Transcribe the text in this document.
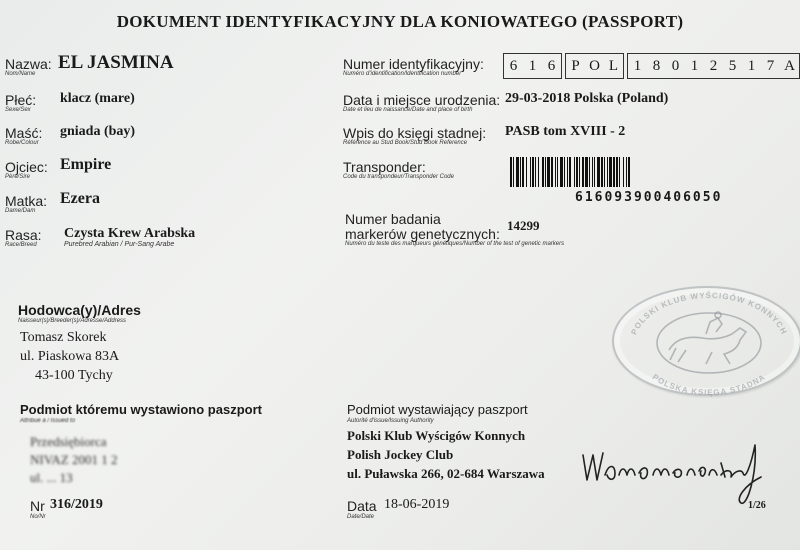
DOKUMENT IDENTYFIKACYJNY DLA KONIOWATEGO (PASSPORT)
Nazwa:
Nom/Name
EL JASMINA
Płeć:
Sexe/Sex
klacz (mare)
Maść:
Robe/Colour
gniada (bay)
Ojciec:
Père/Sire
Empire
Matka:
Dame/Dam
Ezera
Rasa:
Race/Breed
Czysta Krew Arabska
Purebred Arabian / Pur-Sang Arabe
Numer identyfikacyjny:
Numéro d'identification/Identification number
6 1 6	P O L	1 8 0 1 2 5 1 7 A
Data i miejsce urodzenia:
Date et lieu de naissance/Date and place of birth
29-03-2018 Polska (Poland)
Wpis do księgi stadnej:
Référence au Stud Book/Stud Book Reference
PASB tom XVIII - 2
Transponder:
Code du transpondeur/Transponder Code
616093900406050
Numer badania
markerów genetycznych:
Numéro du teste des marqueurs génétiques/Number of the test of genetic markers
14299
Hodowca(y)/Adres
Naisseur(s)/Breeder(s)/Adresse/Address
Tomasz Skorek
ul. Piaskowa 83A
43-100 Tychy
POLSKI KLUB WYŚCIGÓW KONNYCH
POLSKA KSIĘGA STADNA
Podmiot któremu wystawiono paszport
Attribué à / Issued to
Przedsiębiorca
NIVAZ 2001 1 2
ul. ... 13
Nr 316/2019
No/Nr
Podmiot wystawiający paszport
Autorité d'issue/Issuing Authority
Polski Klub Wyścigów Konnych
Polish Jockey Club
ul. Puławska 266, 02-684 Warszawa
Data 18-06-2019
Date/Date
Wlamanensky	1/26
